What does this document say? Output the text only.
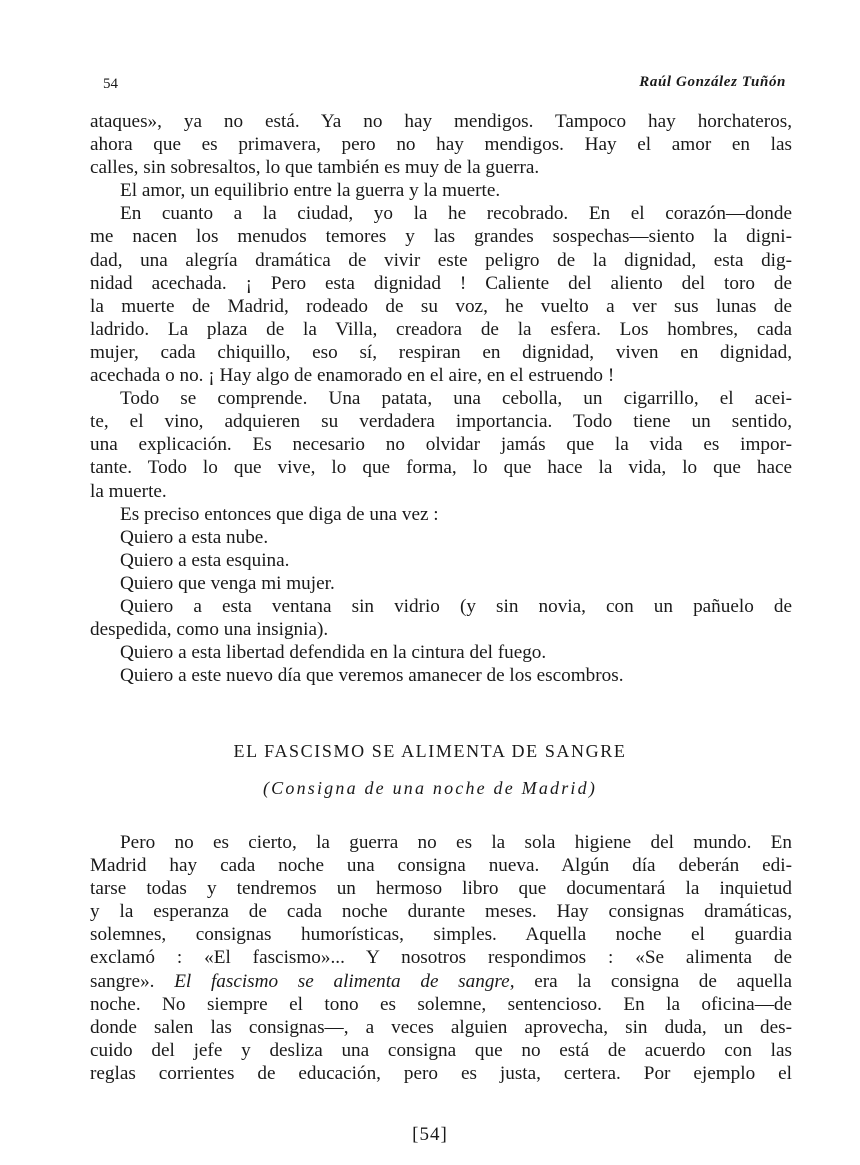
54	Raúl González Tuñón
ataques», ya no está. Ya no hay mendigos. Tampoco hay horchateros,
ahora que es primavera, pero no hay mendigos. Hay el amor en las
calles, sin sobresaltos, lo que también es muy de la guerra.
El amor, un equilibrio entre la guerra y la muerte.
En cuanto a la ciudad, yo la he recobrado. En el corazón—donde
me nacen los menudos temores y las grandes sospechas—siento la digni-
dad, una alegría dramática de vivir este peligro de la dignidad, esta dig-
nidad acechada. ¡ Pero esta dignidad ! Caliente del aliento del toro de
la muerte de Madrid, rodeado de su voz, he vuelto a ver sus lunas de
ladrido. La plaza de la Villa, creadora de la esfera. Los hombres, cada
mujer, cada chiquillo, eso sí, respiran en dignidad, viven en dignidad,
acechada o no. ¡ Hay algo de enamorado en el aire, en el estruendo !
Todo se comprende. Una patata, una cebolla, un cigarrillo, el acei-
te, el vino, adquieren su verdadera importancia. Todo tiene un sentido,
una explicación. Es necesario no olvidar jamás que la vida es impor-
tante. Todo lo que vive, lo que forma, lo que hace la vida, lo que hace
la muerte.
Es preciso entonces que diga de una vez :
Quiero a esta nube.
Quiero a esta esquina.
Quiero que venga mi mujer.
Quiero a esta ventana sin vidrio (y sin novia, con un pañuelo de
despedida, como una insignia).
Quiero a esta libertad defendida en la cintura del fuego.
Quiero a este nuevo día que veremos amanecer de los escombros.
EL FASCISMO SE ALIMENTA DE SANGRE
(Consigna de una noche de Madrid)
Pero no es cierto, la guerra no es la sola higiene del mundo. En
Madrid hay cada noche una consigna nueva. Algún día deberán edi-
tarse todas y tendremos un hermoso libro que documentará la inquietud
y la esperanza de cada noche durante meses. Hay consignas dramáticas,
solemnes, consignas humorísticas, simples. Aquella noche el guardia
exclamó : «El fascismo»... Y nosotros respondimos : «Se alimenta de
sangre». El fascismo se alimenta de sangre, era la consigna de aquella
noche. No siempre el tono es solemne, sentencioso. En la oficina—de
donde salen las consignas—, a veces alguien aprovecha, sin duda, un des-
cuido del jefe y desliza una consigna que no está de acuerdo con las
reglas corrientes de educación, pero es justa, certera. Por ejemplo el
[54]
